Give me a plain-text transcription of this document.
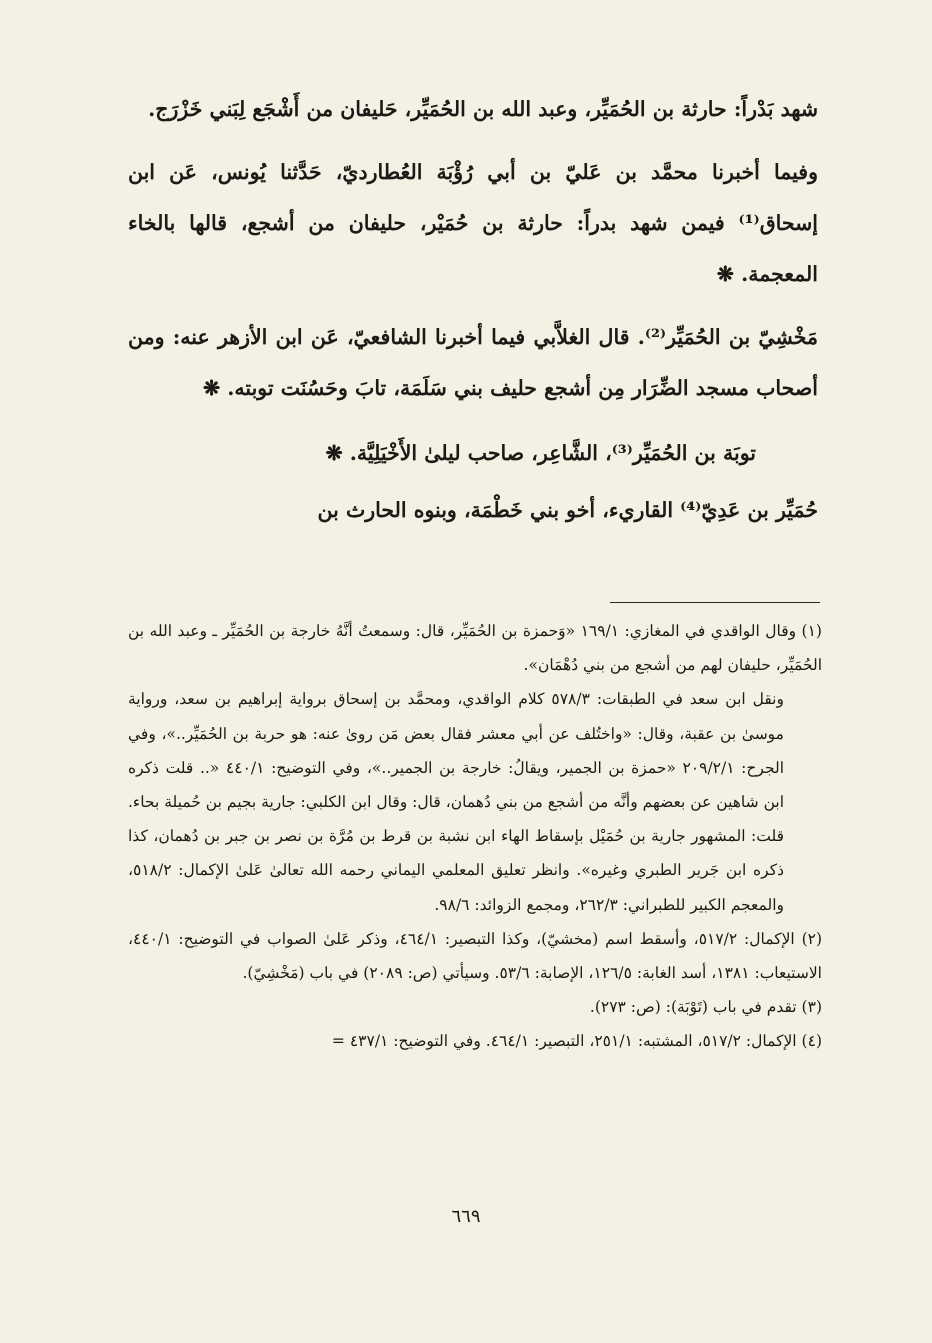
شهد بَدْراً: حارثة بن الحُمَيِّر، وعبد الله بن الحُمَيِّر، حَليفان من أَشْجَع لِبَني خَزْرَج.

وفيما أخبرنا محمَّد بن عَليّ بن أبي رُؤْبَة العُطارديّ، حَدَّثنا يُونس، عَن ابن إسحاق⁽¹⁾ فيمن شهد بدراً: حارثة بن حُمَيْر، حليفان من أشجع، قالها بالخاء المعجمة. ❋

مَخْشِيّ بن الحُمَيِّر⁽²⁾. قال الغلاَّبي فيما أخبرنا الشافعيّ، عَن ابن الأزهر عنه: ومن أصحاب مسجد الضِّرَار مِن أشجع حليف بني سَلَمَة، تابَ وحَسُنَت توبته. ❋

توبَة بن الحُمَيِّر⁽³⁾، الشَّاعِر، صاحب ليلىٰ الأَخْيَلِيَّة. ❋

حُمَيِّر بن عَدِيّ⁽⁴⁾ القاريء، أخو بني خَطْمَة، وبنوه الحارث بن

(١) وقال الواقدي في المغازي: ١٦٩/١ «وَحمزة بن الحُمَيِّر، قال: وسمعتُ أنَّهُ خارجة بن الحُمَيِّر ـ وعبد الله بن الحُمَيِّر، حليفان لهم من أشجع من بني دُهْمَان».
ونقل ابن سعد في الطبقات: ٥٧٨/٣ كلام الواقدي، ومحمَّد بن إسحاق برواية إبراهيم بن سعد، ورواية موسىٰ بن عقبة، وقال: «واختُلف عن أبي معشر فقال بعض مَن روىٰ عنه: هو حربة بن الحُمَيِّر..»، وفي الجرح: ٢٠٩/٢/١ «حمزة بن الجمير، ويقالُ: خارجة بن الجمير..»، وفي التوضيح: ٤٤٠/١ «.. قلت ذكره ابن شاهين عن بعضهم وأنَّه من أشجع من بني دُهمان، قال: وقال ابن الكلبي: جارية بجيم بن حُميلة بحاء. قلت: المشهور جارية بن حُمَيْل بإسقاط الهاء ابن نشبة بن قرط بن مُرَّة بن نصر بن جبر بن دُهمان، كذا ذكره ابن جَرير الطبري وغيره». وانظر تعليق المعلمي اليماني رحمه الله تعالىٰ عَلىٰ الإكمال: ٥١٨/٢، والمعجم الكبير للطبراني: ٢٦٢/٣، ومجمع الزوائد: ٩٨/٦.

(٢) الإكمال: ٥١٧/٢، وأسقط اسم (مخشيّ)، وكذا التبصير: ٤٦٤/١، وذكر عَلىٰ الصواب في التوضيح: ٤٤٠/١، الاستيعاب: ١٣٨١، أسد الغابة: ١٢٦/٥، الإصابة: ٥٣/٦. وسيأتي (ص: ٢٠٨٩) في باب (مَخْشِيّ).

(٣) تقدم في باب (تَوْبَة): (ص: ٢٧٣).

(٤) الإكمال: ٥١٧/٢، المشتبه: ٢٥١/١، التبصير: ٤٦٤/١. وفي التوضيح: ٤٣٧/١ =

٦٦٩
